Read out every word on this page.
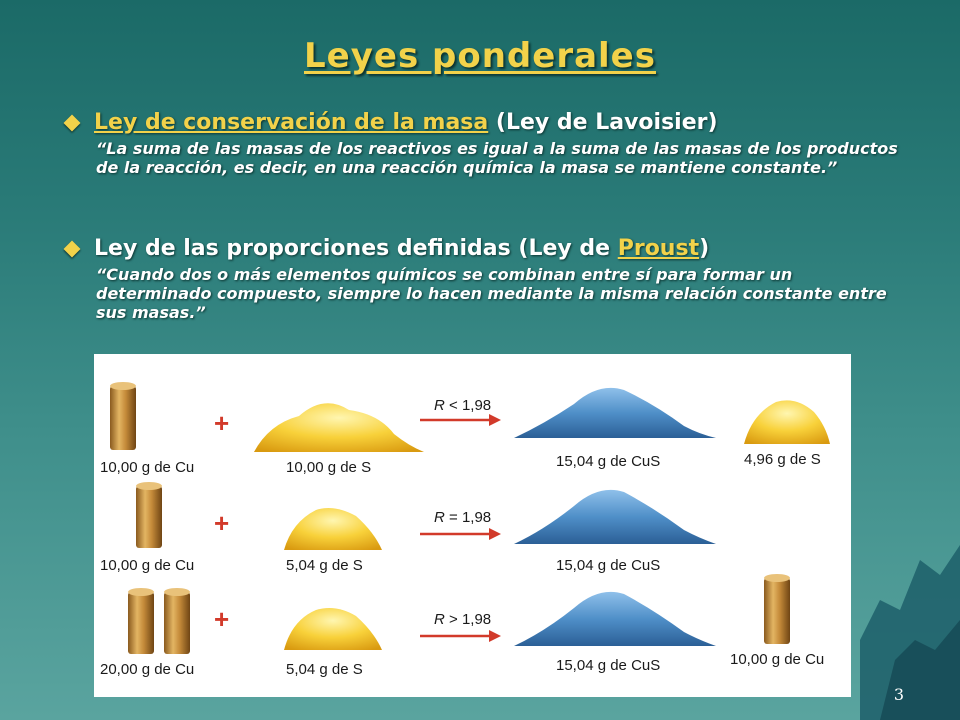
Leyes ponderales
Ley de conservación de la masa (Ley de Lavoisier)
“La suma de las masas de los reactivos es igual a la suma de las masas de los productos de la reacción, es decir, en una reacción química la masa se mantiene constante.”
Ley de las proporciones definidas (Ley de Proust)
“Cuando dos o más elementos químicos se combinan entre sí para formar un determinado compuesto, siempre lo hacen mediante la misma relación constante entre sus masas.”
10,00 g de Cu
+
10,00 g de S
R < 1,98
15,04 g de CuS	4,96 g de S
10,00 g de Cu
+
5,04 g de S
R = 1,98
15,04 g de CuS
20,00 g de Cu
+
5,04 g de S
R > 1,98
15,04 g de CuS	10,00 g de Cu
3
